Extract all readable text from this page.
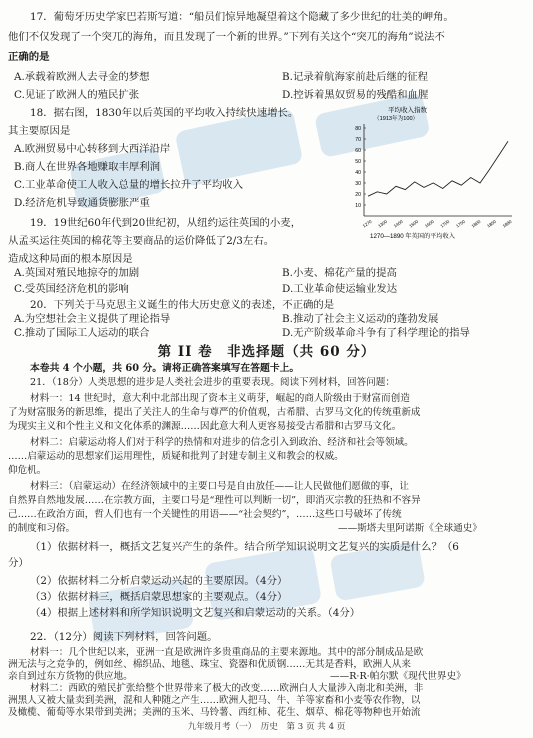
17．葡萄牙历史学家巴若斯写道：“船员们惊异地凝望着这个隐藏了多少世纪的壮美的岬角。
他们不仅发现了一个突兀的海角，而且发现了一个新的世界。”下列有关这个“突兀的海角”说法不
正确的是
A.承载着欧洲人去寻金的梦想	B.记录着航海家前赴后继的征程
C.见证了欧洲人的殖民扩张	D.控诉着黑奴贸易的残酷和血腥
18．据右图，1830年以后英国的平均收入持续快速增长。
其主要原因是
A.欧洲贸易中心转移到大西洋沿岸
B.商人在世界各地赚取丰厚利润
C.工业革命使工人收入总量的增长拉升了平均收入
D.经济危机导致通货膨胀严重
平均收入指数
（1913年为100）
80
70
60
50
40
30
20
10
1270 1300 1400 1500 1600 1700 1750 1800 1850 1890
1270—1890 年英国的平均收入
19．19世纪60年代到20世纪初，从纽约运往英国的小麦，
从孟买运往英国的棉花等主要商品的运价降低了2/3左右。
造成这种局面的根本原因是
A.英国对殖民地掠夺的加剧	B.小麦、棉花产量的提高
C.受英国经济危机的影响	D.工业革命使运输业发达
20．下列关于马克思主义诞生的伟大历史意义的表述，不正确的是
A.为空想社会主义提供了理论指导	B.推动了社会主义运动的蓬勃发展
C.推动了国际工人运动的联合	D.无产阶级革命斗争有了科学理论的指导
第 II 卷　非选择题（共 60 分）
本卷共 4 个小题，共 60 分。请将正确答案填写在答题卡上。
21．（18分）人类思想的进步是人类社会进步的重要表现。阅读下列材料，回答问题：
材料一：14 世纪时，意大利中北部出现了资本主义萌芽，崛起的商人阶级由于财富而创造
了为财富服务的新思维，提出了关注人的生命与尊严的价值观，古希腊、古罗马文化的传统重新成
为现实主义和个性主义和文化体系的渊源……因此意大利人更容易接受古希腊和古罗马文化。
材料二：启蒙运动将人们对于科学的热情和对进步的信念引入到政治、经济和社会等领域。
……启蒙运动的思想家们运用理性，质疑和批判了封建专制主义和教会的权威。
仰危机。
材料三：（启蒙运动）在经济领域中的主要口号是自由放任——让人民做他们愿做的事，让
自然界自然地发展……在宗教方面，主要口号是“理性可以判断一切”，即消灭宗教的狂热和不容异
己……在政治方面，哲人们也有一个关键性的用语——“社会契约”，……这些口号破坏了传统
的制度和习俗。	——斯塔夫里阿诺斯《全球通史》
（1）依据材料一，概括文艺复兴产生的条件。结合所学知识说明文艺复兴的实质是什么？（6
分）
（2）依据材料二分析启蒙运动兴起的主要原因。（4分）
（3）依据材料三，概括启蒙思想家的主要观点。（4分）
（4）根据上述材料和所学知识说明文艺复兴和启蒙运动的关系。（4分）
22．（12分）阅读下列材料，回答问题。
材料一：几个世纪以来，亚洲一直是欧洲许多贵重商品的主要来源地。其中的部分制成品是欧
洲无法与之竞争的，例如丝、棉织品、地毯、珠宝、瓷器和优质钢……无其是香料，欧洲人从来
亲自到过东方货物的供应地。	——R·R·帕尔默《现代世界史》
材料二：西欧的殖民扩张给整个世界带来了极大的改变……欧洲白人大量涉入南北和美洲，非
洲黑人又被大量卖到美洲，混和人种随之产生……欧洲人把马、牛、羊等家畜和小麦等农作物，以
及橄榄、葡萄等水果带到美洲；美洲的玉米、马铃薯、西红柿、花生、烟草、棉花等物种也开始流
九年级月考（一）　历史　第 3 页 共 4 页
